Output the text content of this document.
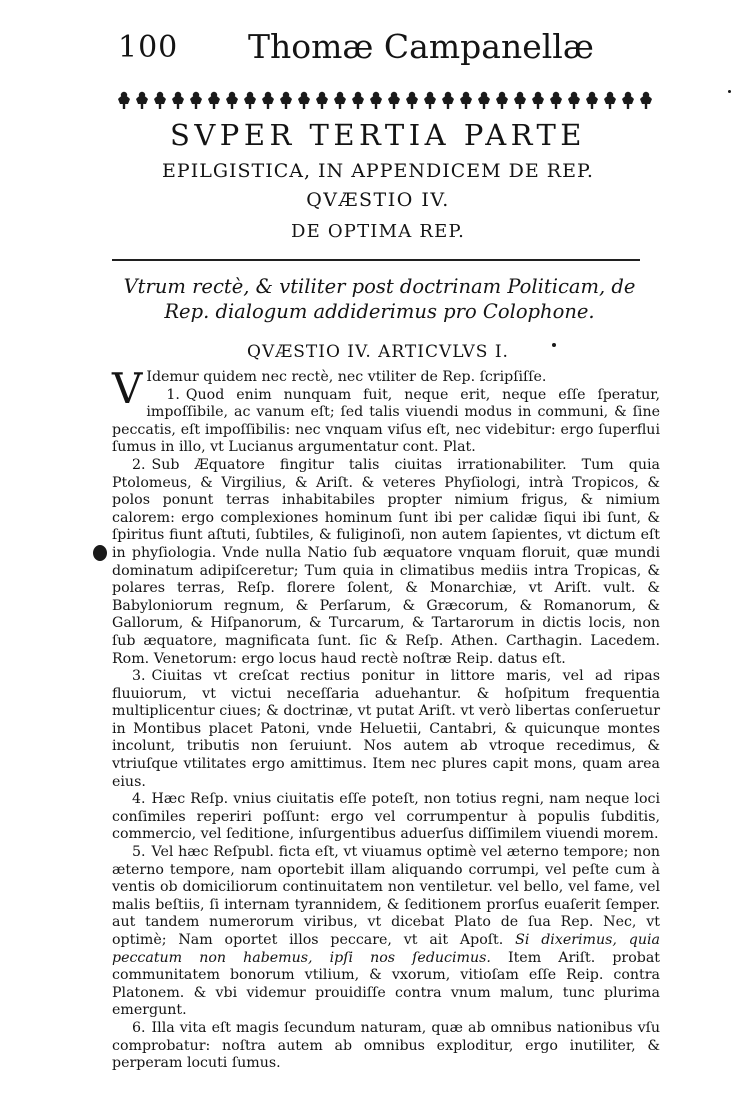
100 Thomæ Campanellæ
SVPER TERTIA PARTE
EPILGISTICA, IN APPENDICEM DE REP.
QVÆSTIO IV.
DE OPTIMA REP.
Vtrum rectè, & vtiliter post doctrinam Politicam, de Rep. dialogum addiderimus pro Colophone.
QVÆSTIO IV. ARTICVLVS I.

V Idemur quidem nec rectè, nec vtiliter de Rep. ſcripſiſſe.

1. Quod enim nunquam fuit, neque erit, neque eſſe ſperatur, impoſſibile, ac vanum eſt; ſed talis viuendi modus in communi, & ſine peccatis, eſt impoſſibilis: nec vnquam viſus eſt, nec videbitur: ergo ſuperflui ſumus in illo, vt Lucianus argumentatur cont. Plat.

2. Sub Æquatore fingitur talis ciuitas irrationabiliter. Tum quia Ptolomeus, & Virgilius, & Ariſt. & veteres Phyſiologi, intrà Tropicos, & polos ponunt terras inhabitabiles propter nimium frigus, & nimium calorem: ergo complexiones hominum ſunt ibi per calidæ ſiqui ibi ſunt, & ſpiritus fiunt aſtuti, ſubtiles, & fuliginoſi, non autem ſapientes, vt dictum eſt in phyſiologia. Vnde nulla Natio ſub æquatore vnquam floruit, quæ mundi dominatum adipiſceretur; Tum quia in climatibus mediis intra Tropicas, & polares terras, Reſp. florere ſolent, & Monarchiæ, vt Ariſt. vult. & Babyloniorum regnum, & Perſarum, & Græcorum, & Romanorum, & Gallorum, & Hiſpanorum, & Turcarum, & Tartarorum in dictis locis, non ſub æquatore, magnificata ſunt. ſic & Reſp. Athen. Carthagin. Lacedem. Rom. Venetorum: ergo locus haud rectè noſtræ Reip. datus eſt.

3. Ciuitas vt creſcat rectius ponitur in littore maris, vel ad ripas fluuiorum, vt victui neceſſaria aduehantur. & hoſpitum frequentia multiplicentur ciues; & doctrinæ, vt putat Ariſt. vt verò libertas conſeruetur in Montibus placet Patoni, vnde Heluetii, Cantabri, & quicunque montes incolunt, tributis non ſeruiunt. Nos autem ab vtroque recedimus, & vtriuſque vtilitates ergo amittimus. Item nec plures capit mons, quam area eius.

4. Hæc Reſp. vnius ciuitatis eſſe poteſt, non totius regni, nam neque loci conſimiles reperiri poſſunt: ergo vel corrumpentur à populis ſubditis, commercio, vel ſeditione, inſurgentibus aduerſus diſſimilem viuendi morem.

5. Vel hæc Reſpubl. ficta eſt, vt viuamus optimè vel æterno tempore; non æterno tempore, nam oportebit illam aliquando corrumpi, vel peſte cum à ventis ob domiciliorum continuitatem non ventiletur. vel bello, vel fame, vel malis beſtiis, ſi internam tyrannidem, & ſeditionem prorſus euaſerit ſemper. aut tandem numerorum viribus, vt dicebat Plato de ſua Rep. Nec, vt optimè; Nam oportet illos peccare, vt ait Apoſt. Si dixerimus, quia peccatum non habemus, ipſi nos ſeducimus. Item Ariſt. probat communitatem bonorum vtilium, & vxorum, vitioſam eſſe Reip. contra Platonem. & vbi videmur prouidiſſe contra vnum malum, tunc plurima emergunt.

6. Illa vita eſt magis ſecundum naturam, quæ ab omnibus nationibus vſu comprobatur: noſtra autem ab omnibus exploditur, ergo inutiliter, & perperam locuti ſumus.
